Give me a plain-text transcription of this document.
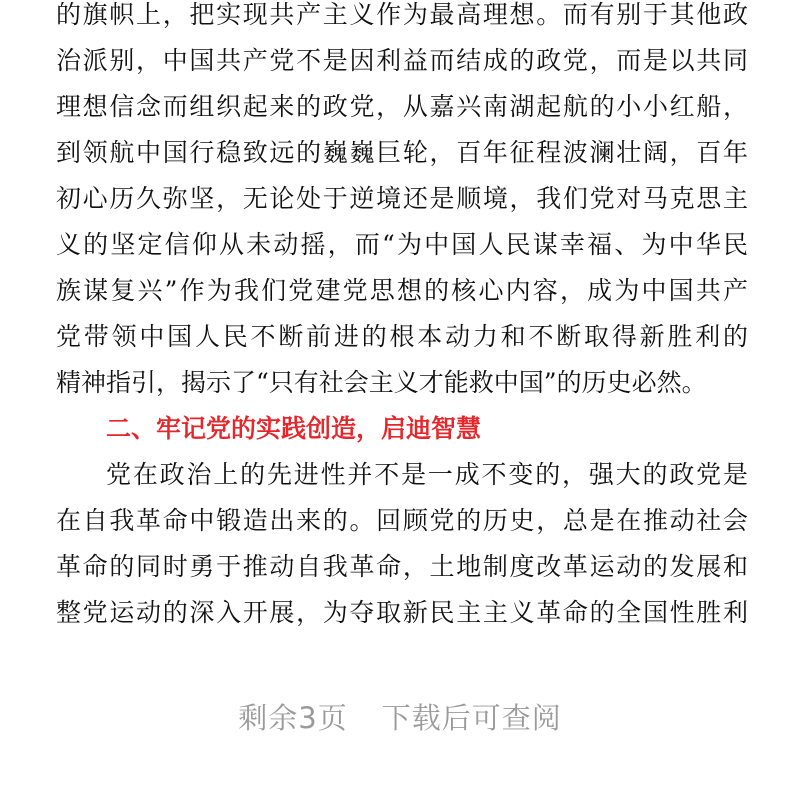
的旗帜上，把实现共产主义作为最高理想。而有别于其他政
治派别，中国共产党不是因利益而结成的政党，而是以共同
理想信念而组织起来的政党，从嘉兴南湖起航的小小红船，
到领航中国行稳致远的巍巍巨轮，百年征程波澜壮阔，百年
初心历久弥坚，无论处于逆境还是顺境，我们党对马克思主
义的坚定信仰从未动摇，而“为中国人民谋幸福、为中华民
族谋复兴”作为我们党建党思想的核心内容，成为中国共产
党带领中国人民不断前进的根本动力和不断取得新胜利的
精神指引，揭示了“只有社会主义才能救中国”的历史必然。
二、牢记党的实践创造，启迪智慧
党在政治上的先进性并不是一成不变的，强大的政党是
在自我革命中锻造出来的。回顾党的历史，总是在推动社会
革命的同时勇于推动自我革命，土地制度改革运动的发展和
整党运动的深入开展，为夺取新民主主义革命的全国性胜利
剩余3页 下载后可查阅
